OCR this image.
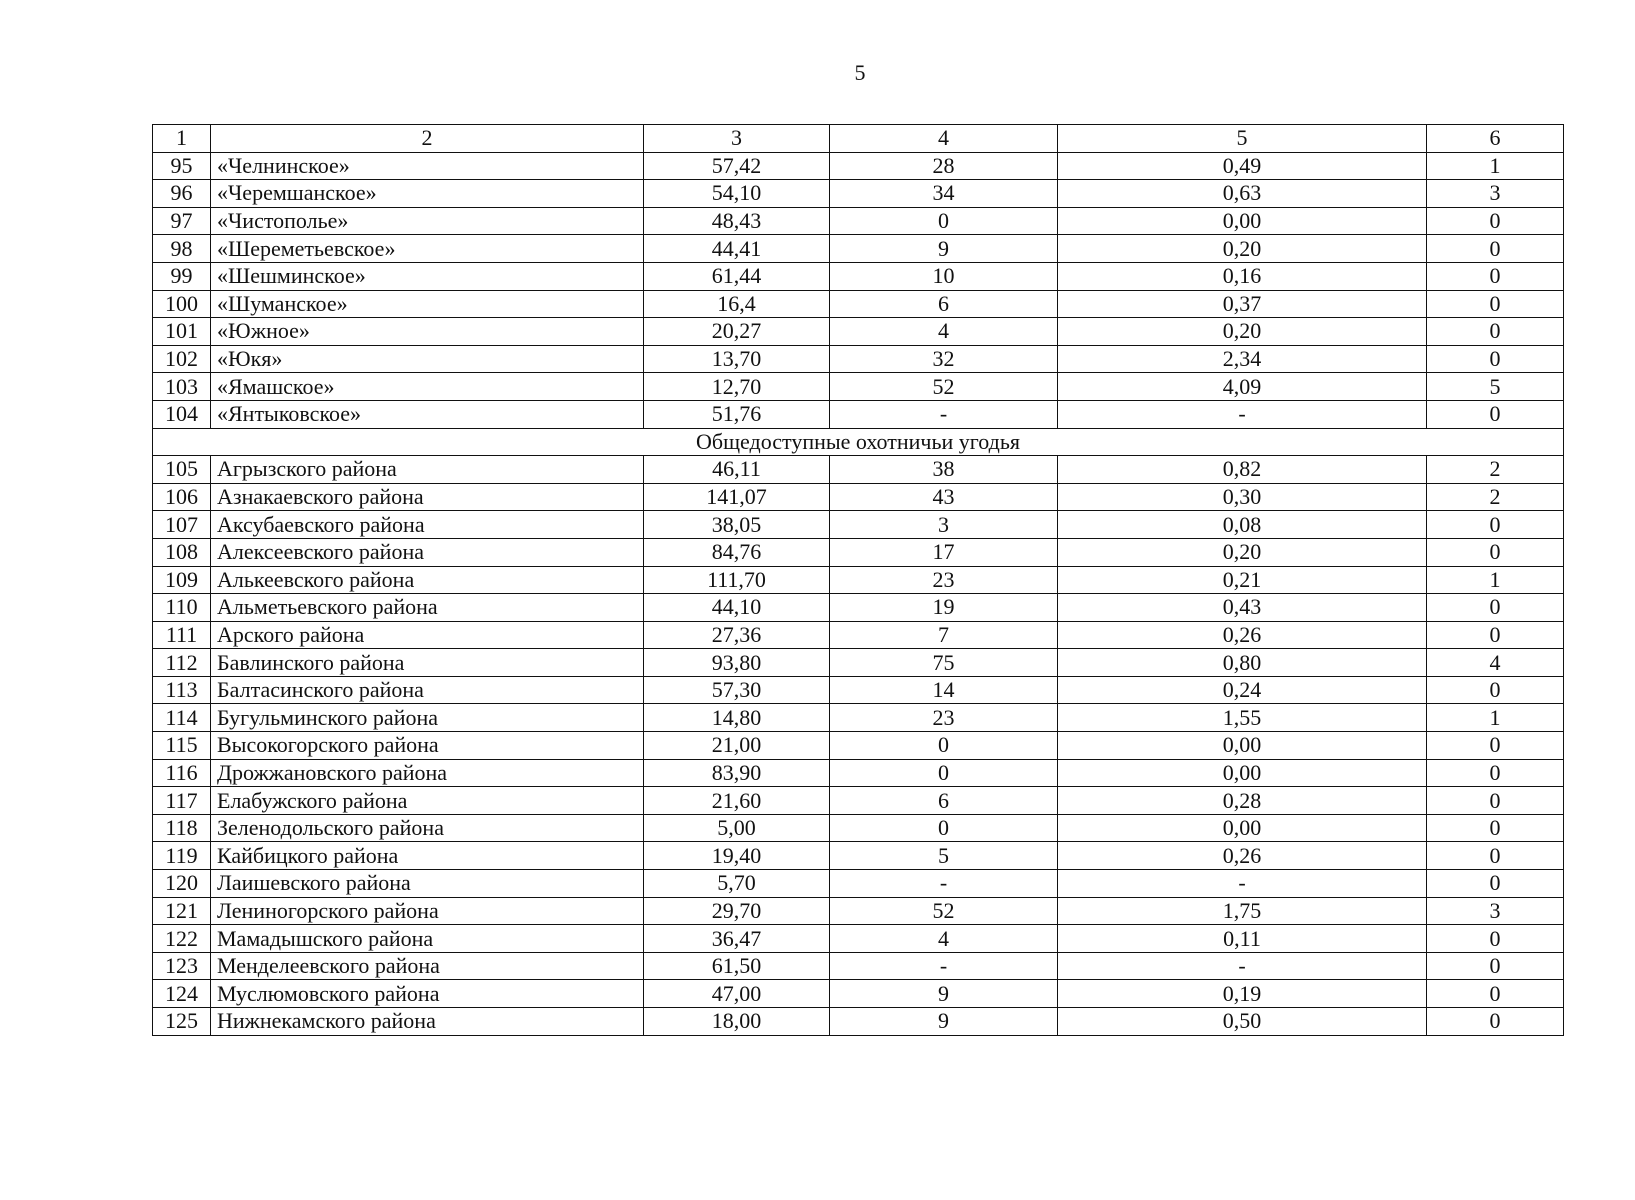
5
1	2	3	4	5	6
95	«Челнинское»	57,42	28	0,49	1
96	«Черемшанское»	54,10	34	0,63	3
97	«Чистополье»	48,43	0	0,00	0
98	«Шереметьевское»	44,41	9	0,20	0
99	«Шешминское»	61,44	10	0,16	0
100	«Шуманское»	16,4	6	0,37	0
101	«Южное»	20,27	4	0,20	0
102	«Юкя»	13,70	32	2,34	0
103	«Ямашское»	12,70	52	4,09	5
104	«Янтыковское»	51,76	-	-	0
Общедоступные охотничьи угодья					
105	Агрызского района	46,11	38	0,82	2
106	Азнакаевского района	141,07	43	0,30	2
107	Аксубаевского района	38,05	3	0,08	0
108	Алексеевского района	84,76	17	0,20	0
109	Алькеевского района	111,70	23	0,21	1
110	Альметьевского района	44,10	19	0,43	0
111	Арского района	27,36	7	0,26	0
112	Бавлинского района	93,80	75	0,80	4
113	Балтасинского района	57,30	14	0,24	0
114	Бугульминского района	14,80	23	1,55	1
115	Высокогорского района	21,00	0	0,00	0
116	Дрожжановского района	83,90	0	0,00	0
117	Елабужского района	21,60	6	0,28	0
118	Зеленодольского района	5,00	0	0,00	0
119	Кайбицкого района	19,40	5	0,26	0
120	Лаишевского района	5,70	-	-	0
121	Лениногорского района	29,70	52	1,75	3
122	Мамадышского района	36,47	4	0,11	0
123	Менделеевского района	61,50	-	-	0
124	Муслюмовского района	47,00	9	0,19	0
125	Нижнекамского района	18,00	9	0,50	0
